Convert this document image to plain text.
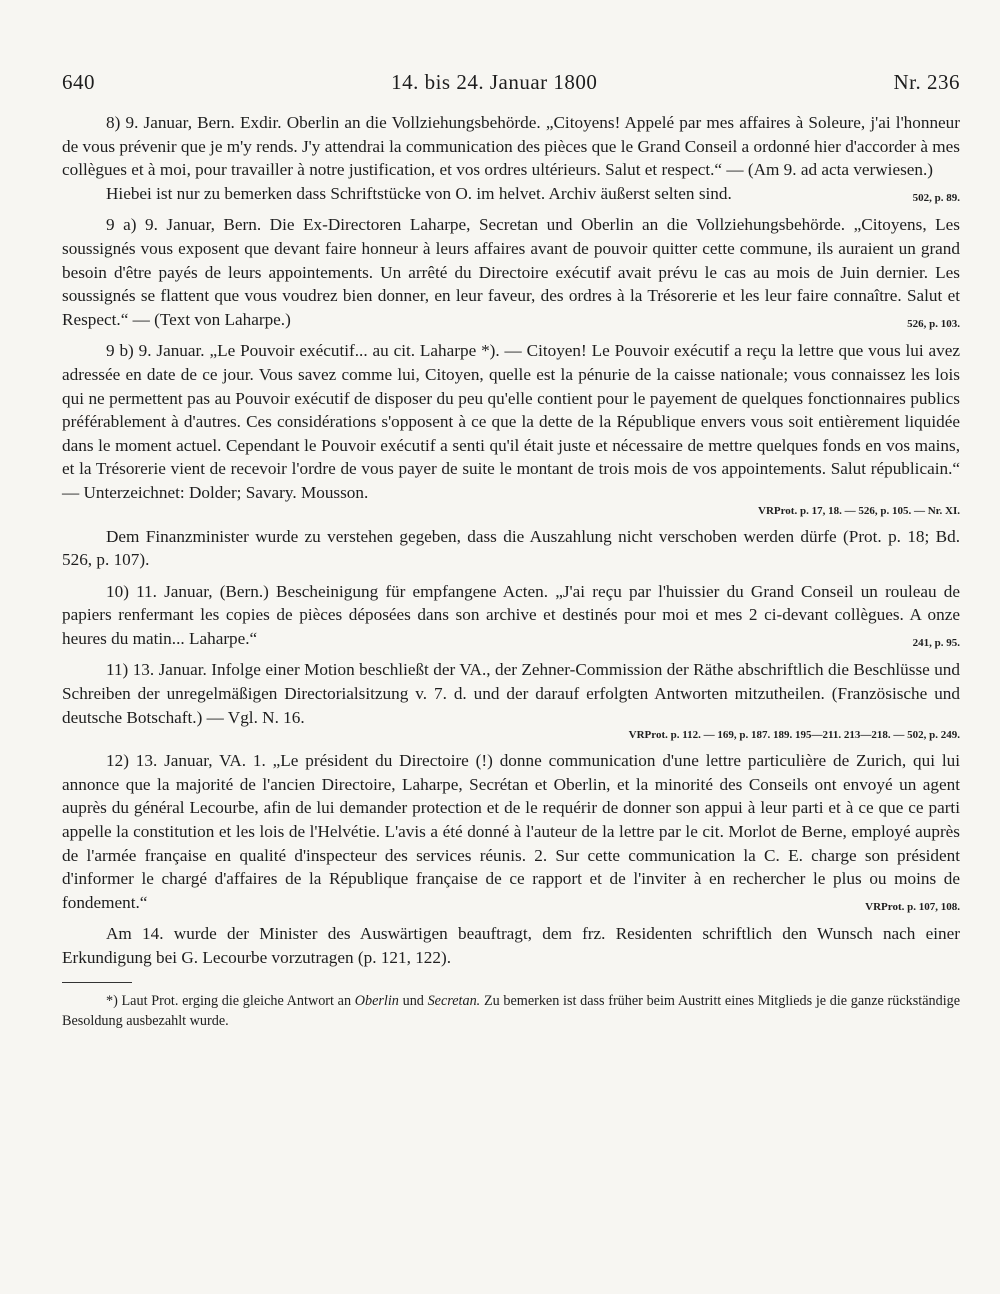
640	14. bis 24. Januar 1800	Nr. 236

8) 9. Januar, Bern. Exdir. Oberlin an die Vollziehungsbehörde. „Citoyens! Appelé par mes affaires à Soleure, j'ai l'honneur de vous prévenir que je m'y rends. J'y attendrai la communication des pièces que le Grand Conseil a ordonné hier d'accorder à mes collègues et à moi, pour travailler à notre justification, et vos ordres ultérieurs. Salut et respect.“ — (Am 9. ad acta verwiesen.)
502, p. 89.

Hiebei ist nur zu bemerken dass Schriftstücke von O. im helvet. Archiv äußerst selten sind.

9 a) 9. Januar, Bern. Die Ex-Directoren Laharpe, Secretan und Oberlin an die Vollziehungsbehörde. „Citoyens, Les soussignés vous exposent que devant faire honneur à leurs affaires avant de pouvoir quitter cette commune, ils auraient un grand besoin d'être payés de leurs appointements. Un arrêté du Directoire exécutif avait prévu le cas au mois de Juin dernier. Les soussignés se flattent que vous voudrez bien donner, en leur faveur, des ordres à la Trésorerie et les leur faire connaître. Salut et Respect.“ — (Text von Laharpe.)	526, p. 103.

9 b) 9. Januar. „Le Pouvoir exécutif... au cit. Laharpe *). — Citoyen! Le Pouvoir exécutif a reçu la lettre que vous lui avez adressée en date de ce jour. Vous savez comme lui, Citoyen, quelle est la pénurie de la caisse nationale; vous connaissez les lois qui ne permettent pas au Pouvoir exécutif de disposer du peu qu'elle contient pour le payement de quelques fonctionnaires publics préférablement à d'autres. Ces considérations s'opposent à ce que la dette de la République envers vous soit entièrement liquidée dans le moment actuel. Cependant le Pouvoir exécutif a senti qu'il était juste et nécessaire de mettre quelques fonds en vos mains, et la Trésorerie vient de recevoir l'ordre de vous payer de suite le montant de trois mois de vos appointements. Salut républicain.“ — Unterzeichnet: Dolder; Savary. Mousson.

VRProt. p. 17, 18. — 526, p. 105. — Nr. XI.

Dem Finanzminister wurde zu verstehen gegeben, dass die Auszahlung nicht verschoben werden dürfe (Prot. p. 18; Bd. 526, p. 107).

10) 11. Januar, (Bern.) Bescheinigung für empfangene Acten. „J'ai reçu par l'huissier du Grand Conseil un rouleau de papiers renfermant les copies de pièces déposées dans son archive et destinés pour moi et mes 2 ci-devant collègues. A onze heures du matin... Laharpe.“	241, p. 95.

11) 13. Januar. Infolge einer Motion beschließt der VA., der Zehner-Commission der Räthe abschriftlich die Beschlüsse und Schreiben der unregelmäßigen Directorialsitzung v. 7. d. und der darauf erfolgten Antworten mitzutheilen. (Französische und deutsche Botschaft.) — Vgl. N. 16.

VRProt. p. 112. — 169, p. 187. 189. 195—211. 213—218. — 502, p. 249.

12) 13. Januar, VA. 1. „Le président du Directoire (!) donne communication d'une lettre particulière de Zurich, qui lui annonce que la majorité de l'ancien Directoire, Laharpe, Secrétan et Oberlin, et la minorité des Conseils ont envoyé un agent auprès du général Lecourbe, afin de lui demander protection et de le requérir de donner son appui à leur parti et à ce que ce parti appelle la constitution et les lois de l'Helvétie. L'avis a été donné à l'auteur de la lettre par le cit. Morlot de Berne, employé auprès de l'armée française en qualité d'inspecteur des services réunis. 2. Sur cette communication la C. E. charge son président d'informer le chargé d'affaires de la République française de ce rapport et de l'inviter à en rechercher le plus ou moins de fondement.“	VRProt. p. 107, 108.

Am 14. wurde der Minister des Auswärtigen beauftragt, dem frz. Residenten schriftlich den Wunsch nach einer Erkundigung bei G. Lecourbe vorzutragen (p. 121, 122).

*) Laut Prot. erging die gleiche Antwort an Oberlin und Secretan. Zu bemerken ist dass früher beim Austritt eines Mitglieds je die ganze rückständige Besoldung ausbezahlt wurde.
